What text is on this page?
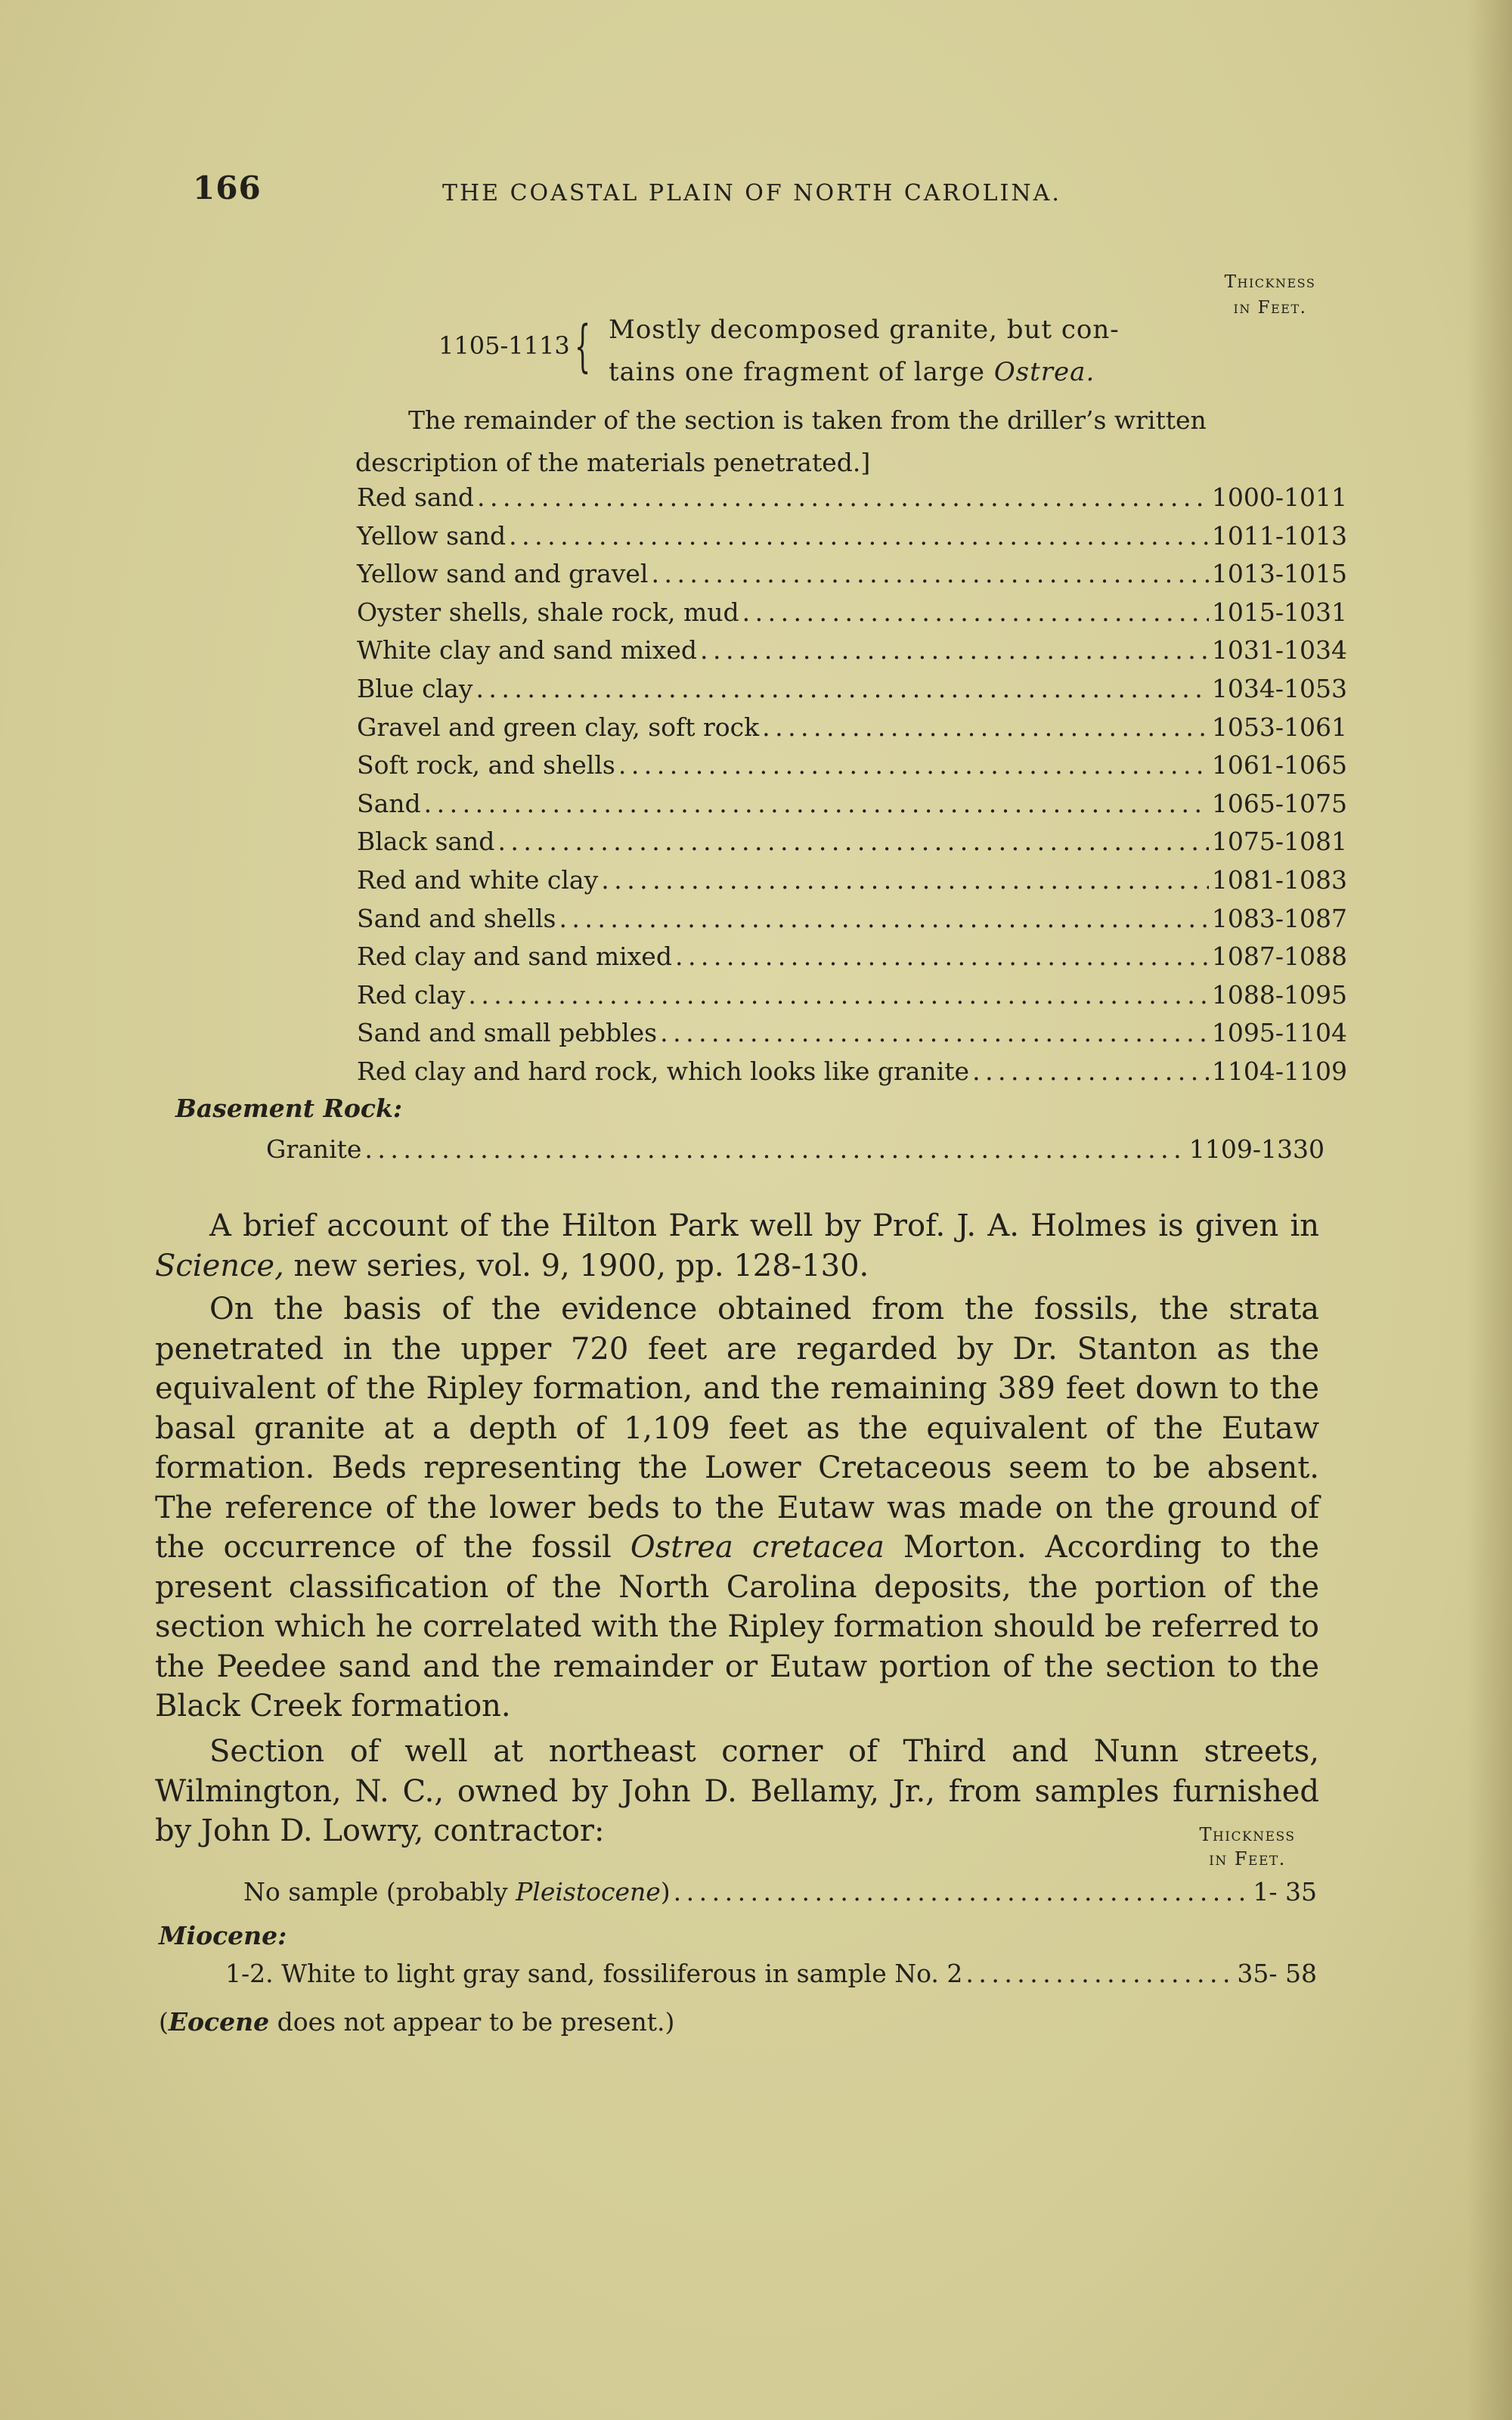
166	THE COASTAL PLAIN OF NORTH CAROLINA.
Thickness
in Feet.
1105-1113 { Mostly decomposed granite, but con-
tains one fragment of large Ostrea.
The remainder of the section is taken from the driller’s written description of the materials penetrated.]
Red sand . . .	1000-1011
Yellow sand . . .	1011-1013
Yellow sand and gravel . . .	1013-1015
Oyster shells, shale rock, mud . . .	1015-1031
White clay and sand mixed . . .	1031-1034
Blue clay . . .	1034-1053
Gravel and green clay, soft rock . . .	1053-1061
Soft rock, and shells . . .	1061-1065
Sand . . .	1065-1075
Black sand . . .	1075-1081
Red and white clay . . .	1081-1083
Sand and shells . . .	1083-1087
Red clay and sand mixed . . .	1087-1088
Red clay . . .	1088-1095
Sand and small pebbles . . .	1095-1104
Red clay and hard rock, which looks like granite . . .	1104-1109
Basement Rock:
Granite . . .	1109-1330
A brief account of the Hilton Park well by Prof. J. A. Holmes is given in Science, new series, vol. 9, 1900, pp. 128-130.
On the basis of the evidence obtained from the fossils, the strata penetrated in the upper 720 feet are regarded by Dr. Stanton as the equivalent of the Ripley formation, and the remaining 389 feet down to the basal granite at a depth of 1,109 feet as the equivalent of the Eutaw formation. Beds representing the Lower Cretaceous seem to be absent. The reference of the lower beds to the Eutaw was made on the ground of the occurrence of the fossil Ostrea cretacea Morton. According to the present classification of the North Carolina deposits, the portion of the section which he correlated with the Ripley formation should be referred to the Peedee sand and the remainder or Eutaw portion of the section to the Black Creek formation.
Section of well at northeast corner of Third and Nunn streets, Wilmington, N. C., owned by John D. Bellamy, Jr., from samples furnished by John D. Lowry, contractor:	Thickness
in Feet.
No sample (probably Pleistocene) . . .	1- 35
Miocene:
1-2. White to light gray sand, fossiliferous in sample No. 2 . . .	35- 58
(Eocene does not appear to be present.)
